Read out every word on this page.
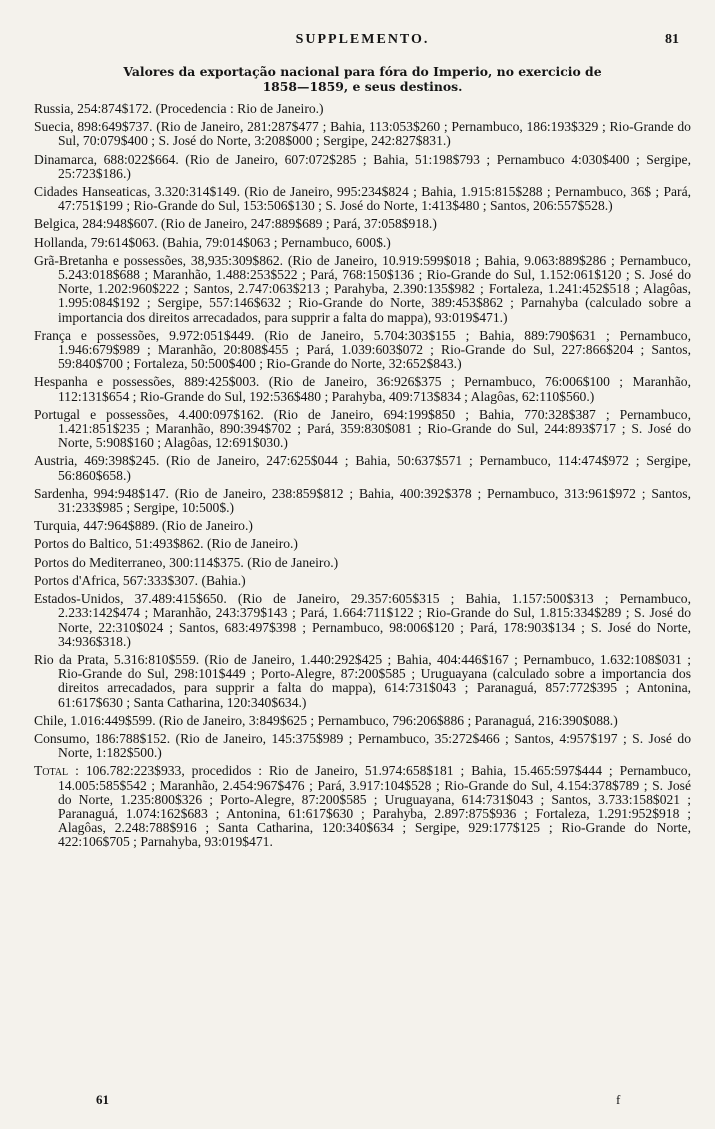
SUPPLEMENTO.	81
Valores da exportação nacional para fóra do Imperio, no exercicio de
1858—1859, e seus destinos.
Russia, 254:874$172. (Procedencia : Rio de Janeiro.)
Suecia, 898:649$737. (Rio de Janeiro, 281:287$477 ; Bahia, 113:053$260 ; Pernambuco, 186:193$329 ; Rio-Grande do Sul, 70:079$400 ; S. José do Norte, 3:208$000 ; Sergipe, 242:827$831.)
Dinamarca, 688:022$664. (Rio de Janeiro, 607:072$285 ; Bahia, 51:198$793 ; Pernambuco 4:030$400 ; Sergipe, 25:723$186.)
Cidades Hanseaticas, 3.320:314$149. (Rio de Janeiro, 995:234$824 ; Bahia, 1.915:815$288 ; Pernambuco, 36$ ; Pará, 47:751$199 ; Rio-Grande do Sul, 153:506$130 ; S. José do Norte, 1:413$480 ; Santos, 206:557$528.)
Belgica, 284:948$607. (Rio de Janeiro, 247:889$689 ; Pará, 37:058$918.)
Hollanda, 79:614$063. (Bahia, 79:014$063 ; Pernambuco, 600$.)
Grã-Bretanha e possessões, 38,935:309$862. (Rio de Janeiro, 10.919:599$018 ; Bahia, 9.063:889$286 ; Pernambuco, 5.243:018$688 ; Maranhão, 1.488:253$522 ; Pará, 768:150$136 ; Rio-Grande do Sul, 1.152:061$120 ; S. José do Norte, 1.202:960$222 ; Santos, 2.747:063$213 ; Parahyba, 2.390:135$982 ; Fortaleza, 1.241:452$518 ; Alagôas, 1.995:084$192 ; Sergipe, 557:146$632 ; Rio-Grande do Norte, 389:453$862 ; Parnahyba (calculado sobre a importancia dos direitos arrecadados, para supprir a falta do mappa), 93:019$471.)
França e possessões, 9.972:051$449. (Rio de Janeiro, 5.704:303$155 ; Bahia, 889:790$631 ; Pernambuco, 1.946:679$989 ; Maranhão, 20:808$455 ; Pará, 1.039:603$072 ; Rio-Grande do Sul, 227:866$204 ; Santos, 59:840$700 ; Fortaleza, 50:500$400 ; Rio-Grande do Norte, 32:652$843.)
Hespanha e possessões, 889:425$003. (Rio de Janeiro, 36:926$375 ; Pernambuco, 76:006$100 ; Maranhão, 112:131$654 ; Rio-Grande do Sul, 192:536$480 ; Parahyba, 409:713$834 ; Alagôas, 62:110$560.)
Portugal e possessões, 4.400:097$162. (Rio de Janeiro, 694:199$850 ; Bahia, 770:328$387 ; Pernambuco, 1.421:851$235 ; Maranhão, 890:394$702 ; Pará, 359:830$081 ; Rio-Grande do Sul, 244:893$717 ; S. José do Norte, 5:908$160 ; Alagôas, 12:691$030.)
Austria, 469:398$245. (Rio de Janeiro, 247:625$044 ; Bahia, 50:637$571 ; Pernambuco, 114:474$972 ; Sergipe, 56:860$658.)
Sardenha, 994:948$147. (Rio de Janeiro, 238:859$812 ; Bahia, 400:392$378 ; Pernambuco, 313:961$972 ; Santos, 31:233$985 ; Sergipe, 10:500$.)
Turquia, 447:964$889. (Rio de Janeiro.)
Portos do Baltico, 51:493$862. (Rio de Janeiro.)
Portos do Mediterraneo, 300:114$375. (Rio de Janeiro.)
Portos d'Africa, 567:333$307. (Bahia.)
Estados-Unidos, 37.489:415$650. (Rio de Janeiro, 29.357:605$315 ; Bahia, 1.157:500$313 ; Pernambuco, 2.233:142$474 ; Maranhão, 243:379$143 ; Pará, 1.664:711$122 ; Rio-Grande do Sul, 1.815:334$289 ; S. José do Norte, 22:310$024 ; Santos, 683:497$398 ; Pernambuco, 98:006$120 ; Pará, 178:903$134 ; S. José do Norte, 34:936$318.)
Rio da Prata, 5.316:810$559. (Rio de Janeiro, 1.440:292$425 ; Bahia, 404:446$167 ; Pernambuco, 1.632:108$031 ; Rio-Grande do Sul, 298:101$449 ; Porto-Alegre, 87:200$585 ; Uruguayana (calculado sobre a importancia dos direitos arrecadados, para supprir a falta do mappa), 614:731$043 ; Paranaguá, 857:772$395 ; Antonina, 61:617$630 ; Santa Catharina, 120:340$634.)
Chile, 1.016:449$599. (Rio de Janeiro, 3:849$625 ; Pernambuco, 796:206$886 ; Paranaguá, 216:390$088.)
Consumo, 186:788$152. (Rio de Janeiro, 145:375$989 ; Pernambuco, 35:272$466 ; Santos, 4:957$197 ; S. José do Norte, 1:182$500.)
Total : 106.782:223$933, procedidos : Rio de Janeiro, 51.974:658$181 ; Bahia, 15.465:597$444 ; Pernambuco, 14.005:585$542 ; Maranhão, 2.454:967$476 ; Pará, 3.917:104$528 ; Rio-Grande do Sul, 4.154:378$789 ; S. José do Norte, 1.235:800$326 ; Porto-Alegre, 87:200$585 ; Uruguayana, 614:731$043 ; Santos, 3.733:158$021 ; Paranaguá, 1.074:162$683 ; Antonina, 61:617$630 ; Parahyba, 2.897:875$936 ; Fortaleza, 1.291:952$918 ; Alagôas, 2.248:788$916 ; Santa Catharina, 120:340$634 ; Sergipe, 929:177$125 ; Rio-Grande do Norte, 422:106$705 ; Parnahyba, 93:019$471.
61	f
